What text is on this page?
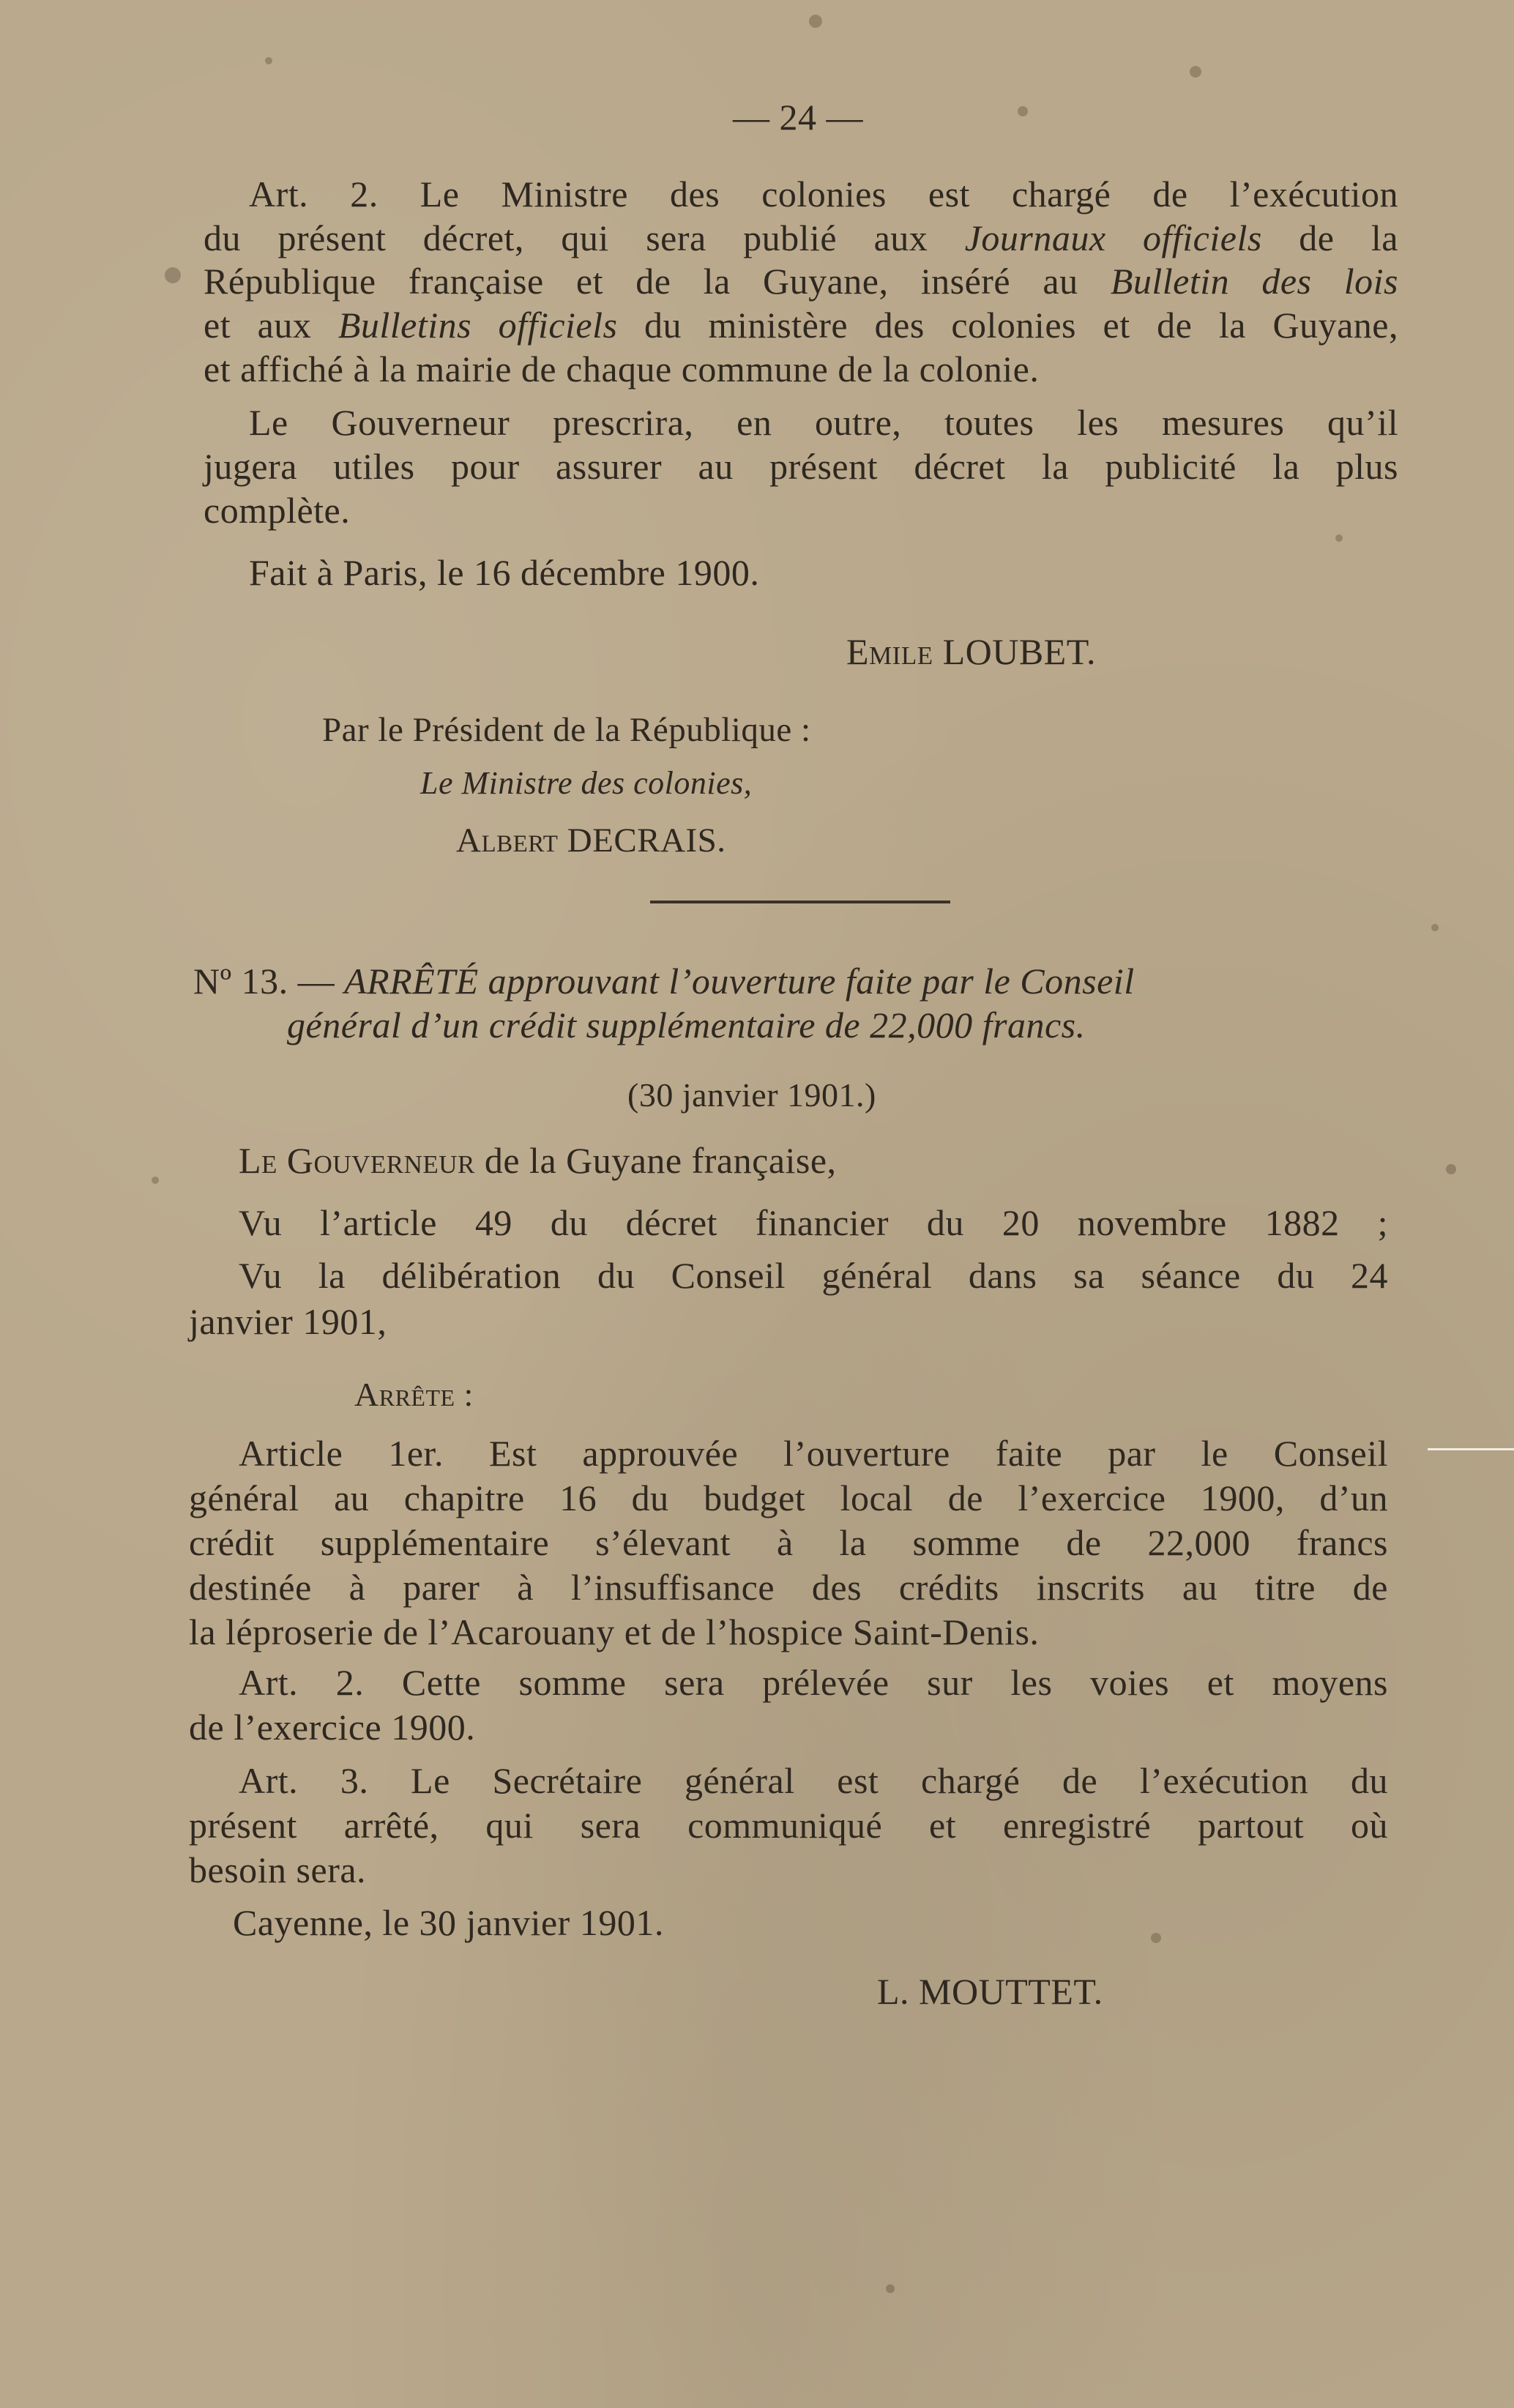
— 24 —
Art. 2. Le Ministre des colonies est chargé de l’exécution
du présent décret, qui sera publié aux Journaux officiels de la
République française et de la Guyane, inséré au Bulletin des lois
et aux Bulletins officiels du ministère des colonies et de la Guyane,
et affiché à la mairie de chaque commune de la colonie.
Le Gouverneur prescrira, en outre, toutes les mesures qu’il
jugera utiles pour assurer au présent décret la publicité la plus
complète.
Fait à Paris, le 16 décembre 1900.
Emile LOUBET.
Par le Président de la République :
Le Ministre des colonies,
Albert DECRAIS.
Nº 13. — ARRÊTÉ approuvant l’ouverture faite par le Conseil
général d’un crédit supplémentaire de 22,000 francs.
(30 janvier 1901.)
Le Gouverneur de la Guyane française,
Vu l’article 49 du décret financier du 20 novembre 1882 ;
Vu la délibération du Conseil général dans sa séance du 24
janvier 1901,
Arrête :
Article 1er. Est approuvée l’ouverture faite par le Conseil
général au chapitre 16 du budget local de l’exercice 1900, d’un
crédit supplémentaire s’élevant à la somme de 22,000 francs
destinée à parer à l’insuffisance des crédits inscrits au titre de
la léproserie de l’Acarouany et de l’hospice Saint-Denis.
Art. 2. Cette somme sera prélevée sur les voies et moyens
de l’exercice 1900.
Art. 3. Le Secrétaire général est chargé de l’exécution du
présent arrêté, qui sera communiqué et enregistré partout où
besoin sera.
Cayenne, le 30 janvier 1901.
L. MOUTTET.
